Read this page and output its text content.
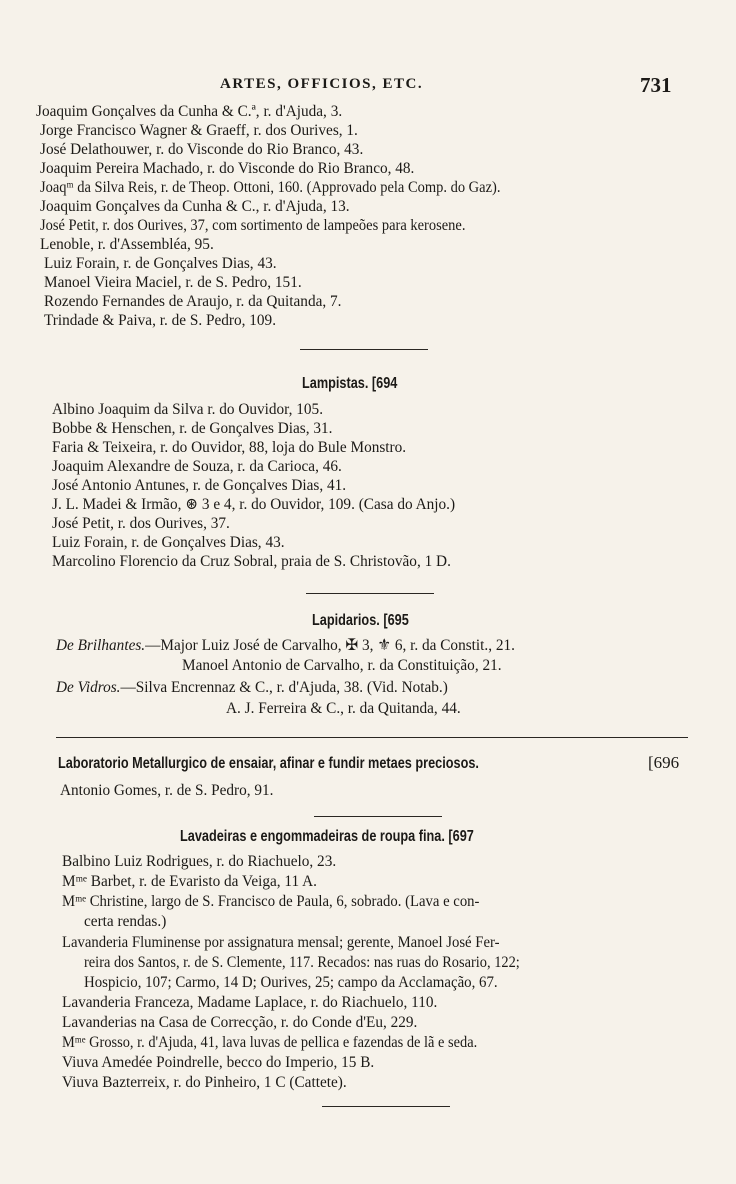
ARTES, OFFICIOS, ETC.	731
Joaquim Gonçalves da Cunha & C.ª, r. d'Ajuda, 3.
Jorge Francisco Wagner & Graeff, r. dos Ourives, 1.
José Delathouwer, r. do Visconde do Rio Branco, 43.
Joaquim Pereira Machado, r. do Visconde do Rio Branco, 48.
Joaqᵐ da Silva Reis, r. de Theop. Ottoni, 160. (Approvado pela Comp. do Gaz).
Joaquim Gonçalves da Cunha & C., r. d'Ajuda, 13.
José Petit, r. dos Ourives, 37, com sortimento de lampeões para kerosene.
Lenoble, r. d'Assembléa, 95.
Luiz Forain, r. de Gonçalves Dias, 43.
Manoel Vieira Maciel, r. de S. Pedro, 151.
Rozendo Fernandes de Araujo, r. da Quitanda, 7.
Trindade & Paiva, r. de S. Pedro, 109.
Lampistas. [694
Albino Joaquim da Silva r. do Ouvidor, 105.
Bobbe & Henschen, r. de Gonçalves Dias, 31.
Faria & Teixeira, r. do Ouvidor, 88, loja do Bule Monstro.
Joaquim Alexandre de Souza, r. da Carioca, 46.
José Antonio Antunes, r. de Gonçalves Dias, 41.
J. L. Madei & Irmão, ⊛ 3 e 4, r. do Ouvidor, 109. (Casa do Anjo.)
José Petit, r. dos Ourives, 37.
Luiz Forain, r. de Gonçalves Dias, 43.
Marcolino Florencio da Cruz Sobral, praia de S. Christovão, 1 D.
Lapidarios. [695
De Brilhantes.—Major Luiz José de Carvalho, ✠ 3, ⚜ 6, r. da Constit., 21.
Manoel Antonio de Carvalho, r. da Constituição, 21.
De Vidros.—Silva Encrennaz & C., r. d'Ajuda, 38. (Vid. Notab.)
A. J. Ferreira & C., r. da Quitanda, 44.
Laboratorio Metallurgico de ensaiar, afinar e fundir metaes preciosos.	[696
Antonio Gomes, r. de S. Pedro, 91.
Lavadeiras e engommadeiras de roupa fina. [697
Balbino Luiz Rodrigues, r. do Riachuelo, 23.
Mᵐᵉ Barbet, r. de Evaristo da Veiga, 11 A.
Mᵐᵉ Christine, largo de S. Francisco de Paula, 6, sobrado. (Lava e con-
certa rendas.)
Lavanderia Fluminense por assignatura mensal; gerente, Manoel José Fer-
reira dos Santos, r. de S. Clemente, 117. Recados: nas ruas do Rosario, 122;
Hospicio, 107; Carmo, 14 D; Ourives, 25; campo da Acclamação, 67.
Lavanderia Franceza, Madame Laplace, r. do Riachuelo, 110.
Lavanderias na Casa de Correcção, r. do Conde d'Eu, 229.
Mᵐᵉ Grosso, r. d'Ajuda, 41, lava luvas de pellica e fazendas de lã e seda.
Viuva Amedée Poindrelle, becco do Imperio, 15 B.
Viuva Bazterreix, r. do Pinheiro, 1 C (Cattete).
